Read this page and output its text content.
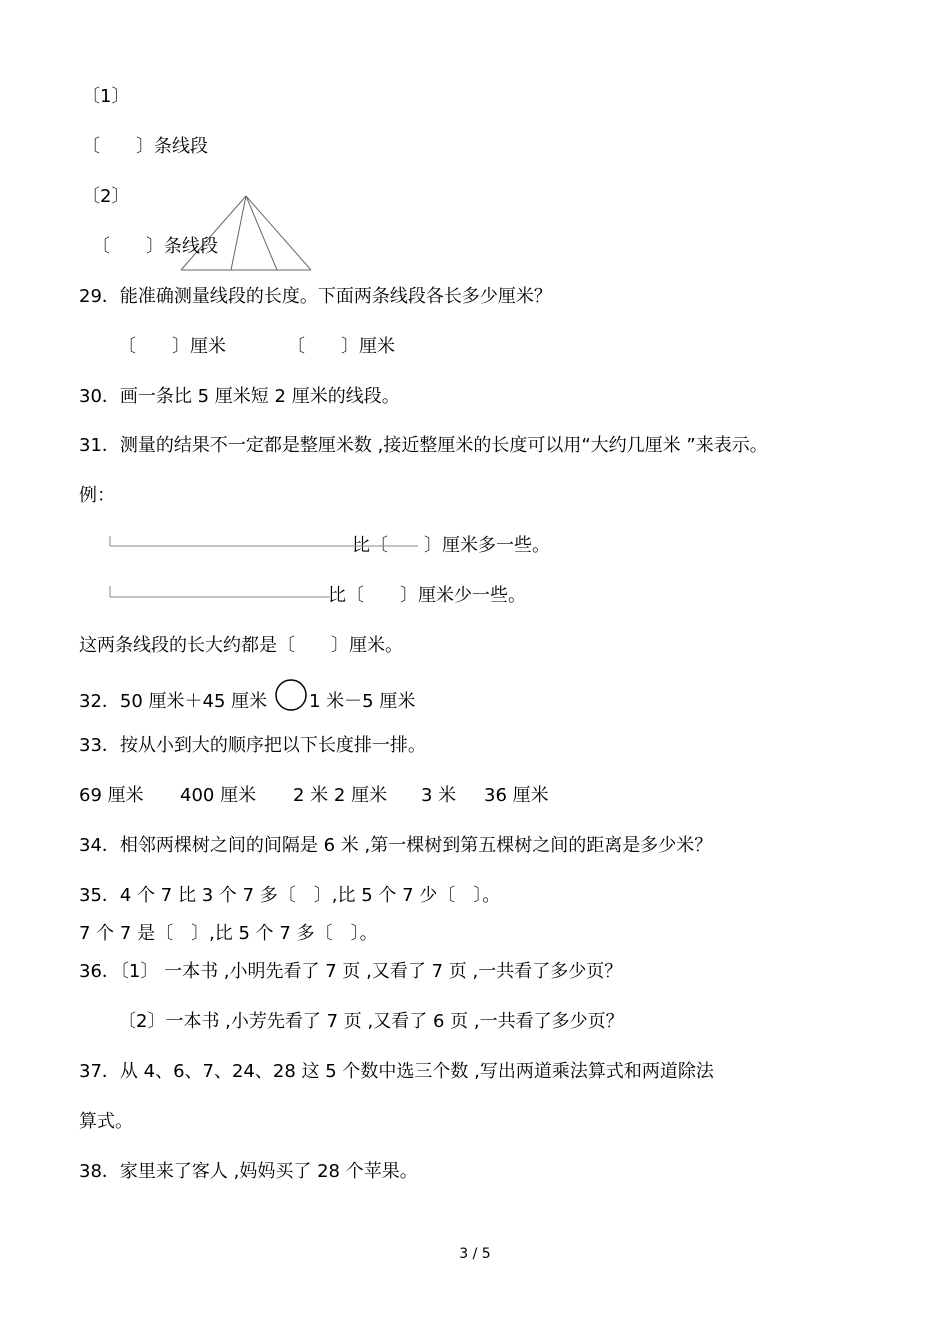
〔1〕
〔　　〕条线段
〔2〕
〔　　〕条线段
29．能准确测量线段的长度。下面两条线段各长多少厘米？
〔　　〕厘米	〔　　〕厘米
30．画一条比 5 厘米短 2 厘米的线段。
31．测量的结果不一定都是整厘米数 ,接近整厘米的长度可以用“大约几厘米 ”来表示。
例：
比〔　　〕厘米多一些。
比〔　　〕厘米少一些。
这两条线段的长大约都是〔　　〕厘米。
32．50 厘米＋45 厘米 1 米－5 厘米
33．按从小到大的顺序把以下长度排一排。
69 厘米 400 厘米 2 米 2 厘米 3 米 36 厘米
34．相邻两棵树之间的间隔是 6 米 ,第一棵树到第五棵树之间的距离是多少米？
35．4 个 7 比 3 个 7 多〔　〕,比 5 个 7 少〔　〕。
7 个 7 是〔　〕,比 5 个 7 多〔　〕。
36．〔1〕 一本书 ,小明先看了 7 页 ,又看了 7 页 ,一共看了多少页？
〔2〕一本书 ,小芳先看了 7 页 ,又看了 6 页 ,一共看了多少页？
37．从 4、6、7、24、28 这 5 个数中选三个数 ,写出两道乘法算式和两道除法
算式。
38．家里来了客人 ,妈妈买了 28 个苹果。
3 / 5
